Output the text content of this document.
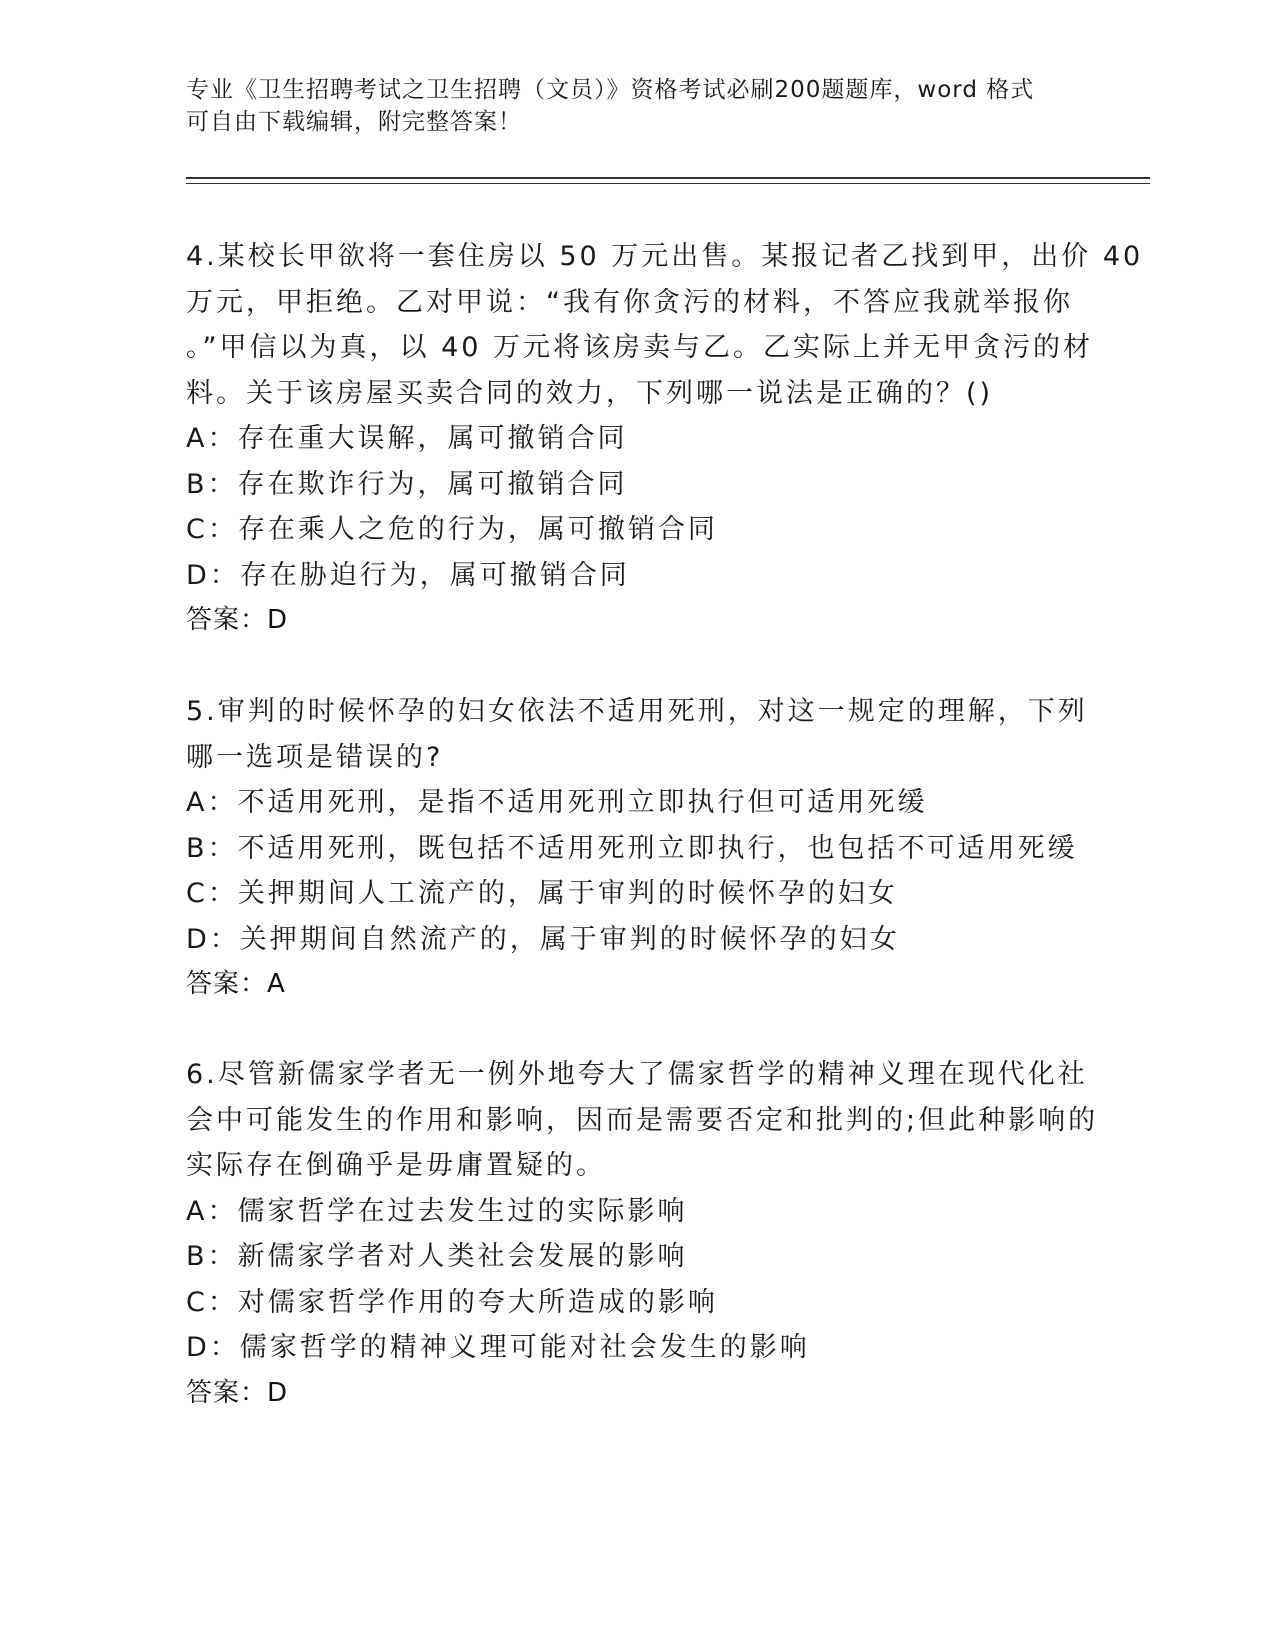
专业《卫生招聘考试之卫生招聘（文员）》资格考试必刷200题题库，word 格式
可自由下载编辑，附完整答案！
4.某校长甲欲将一套住房以 50 万元出售。某报记者乙找到甲，出价 40
万元，甲拒绝。乙对甲说：“我有你贪污的材料，不答应我就举报你
。”甲信以为真，以 40 万元将该房卖与乙。乙实际上并无甲贪污的材
料。关于该房屋买卖合同的效力，下列哪一说法是正确的？()
A：存在重大误解，属可撤销合同
B：存在欺诈行为，属可撤销合同
C：存在乘人之危的行为，属可撤销合同
D：存在胁迫行为，属可撤销合同
答案：D
5.审判的时候怀孕的妇女依法不适用死刑，对这一规定的理解，下列
哪一选项是错误的?
A：不适用死刑，是指不适用死刑立即执行但可适用死缓
B：不适用死刑，既包括不适用死刑立即执行，也包括不可适用死缓
C：关押期间人工流产的，属于审判的时候怀孕的妇女
D：关押期间自然流产的，属于审判的时候怀孕的妇女
答案：A
6.尽管新儒家学者无一例外地夸大了儒家哲学的精神义理在现代化社
会中可能发生的作用和影响，因而是需要否定和批判的;但此种影响的
实际存在倒确乎是毋庸置疑的。
A：儒家哲学在过去发生过的实际影响
B：新儒家学者对人类社会发展的影响
C：对儒家哲学作用的夸大所造成的影响
D：儒家哲学的精神义理可能对社会发生的影响
答案：D
